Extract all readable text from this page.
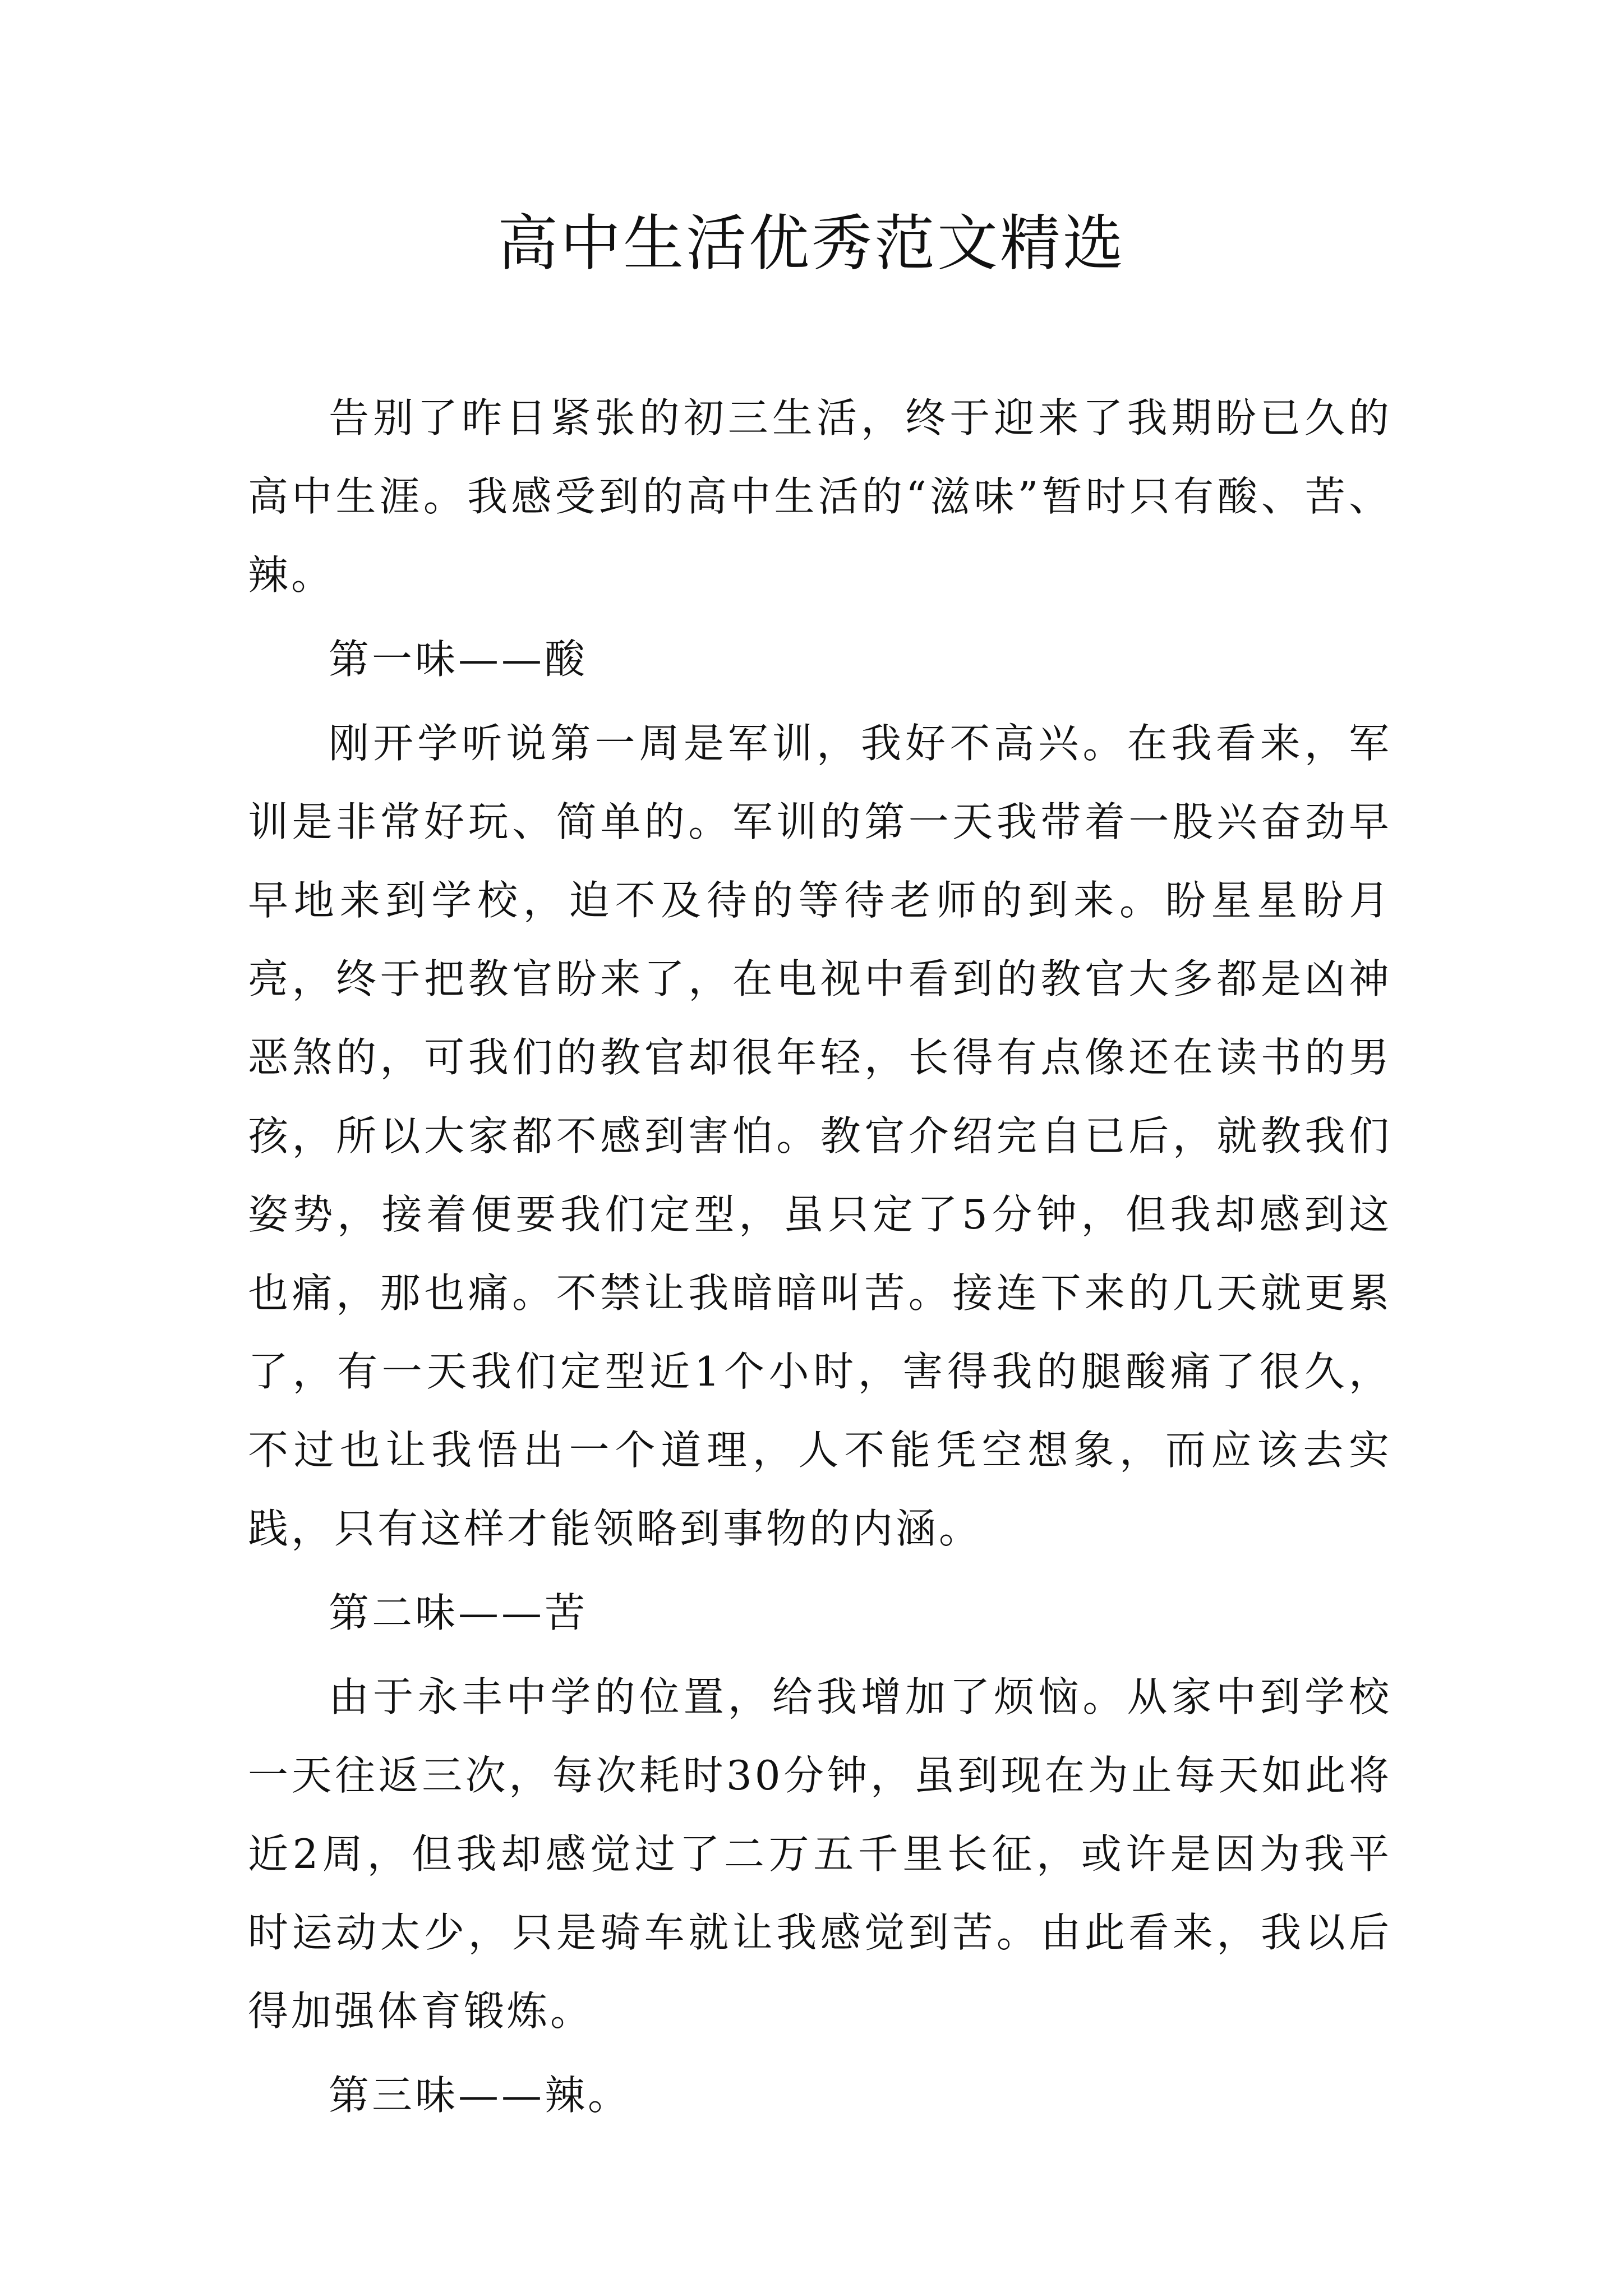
高中生活优秀范文精选

告别了昨日紧张的初三生活，终于迎来了我期盼已久的高中生涯。我感受到的高中生活的“滋味”暂时只有酸、苦、辣。

第一味——酸

刚开学听说第一周是军训，我好不高兴。在我看来，军训是非常好玩、简单的。军训的第一天我带着一股兴奋劲早早地来到学校，迫不及待的等待老师的到来。盼星星盼月亮，终于把教官盼来了，在电视中看到的教官大多都是凶神恶煞的，可我们的教官却很年轻，长得有点像还在读书的男孩，所以大家都不感到害怕。教官介绍完自已后，就教我们姿势，接着便要我们定型，虽只定了5分钟，但我却感到这也痛，那也痛。不禁让我暗暗叫苦。接连下来的几天就更累了，有一天我们定型近1个小时，害得我的腿酸痛了很久，不过也让我悟出一个道理，人不能凭空想象，而应该去实践，只有这样才能领略到事物的内涵。

第二味——苦

由于永丰中学的位置，给我增加了烦恼。从家中到学校一天往返三次，每次耗时30分钟，虽到现在为止每天如此将近2周，但我却感觉过了二万五千里长征，或许是因为我平时运动太少，只是骑车就让我感觉到苦。由此看来，我以后得加强体育锻炼。

第三味——辣。
